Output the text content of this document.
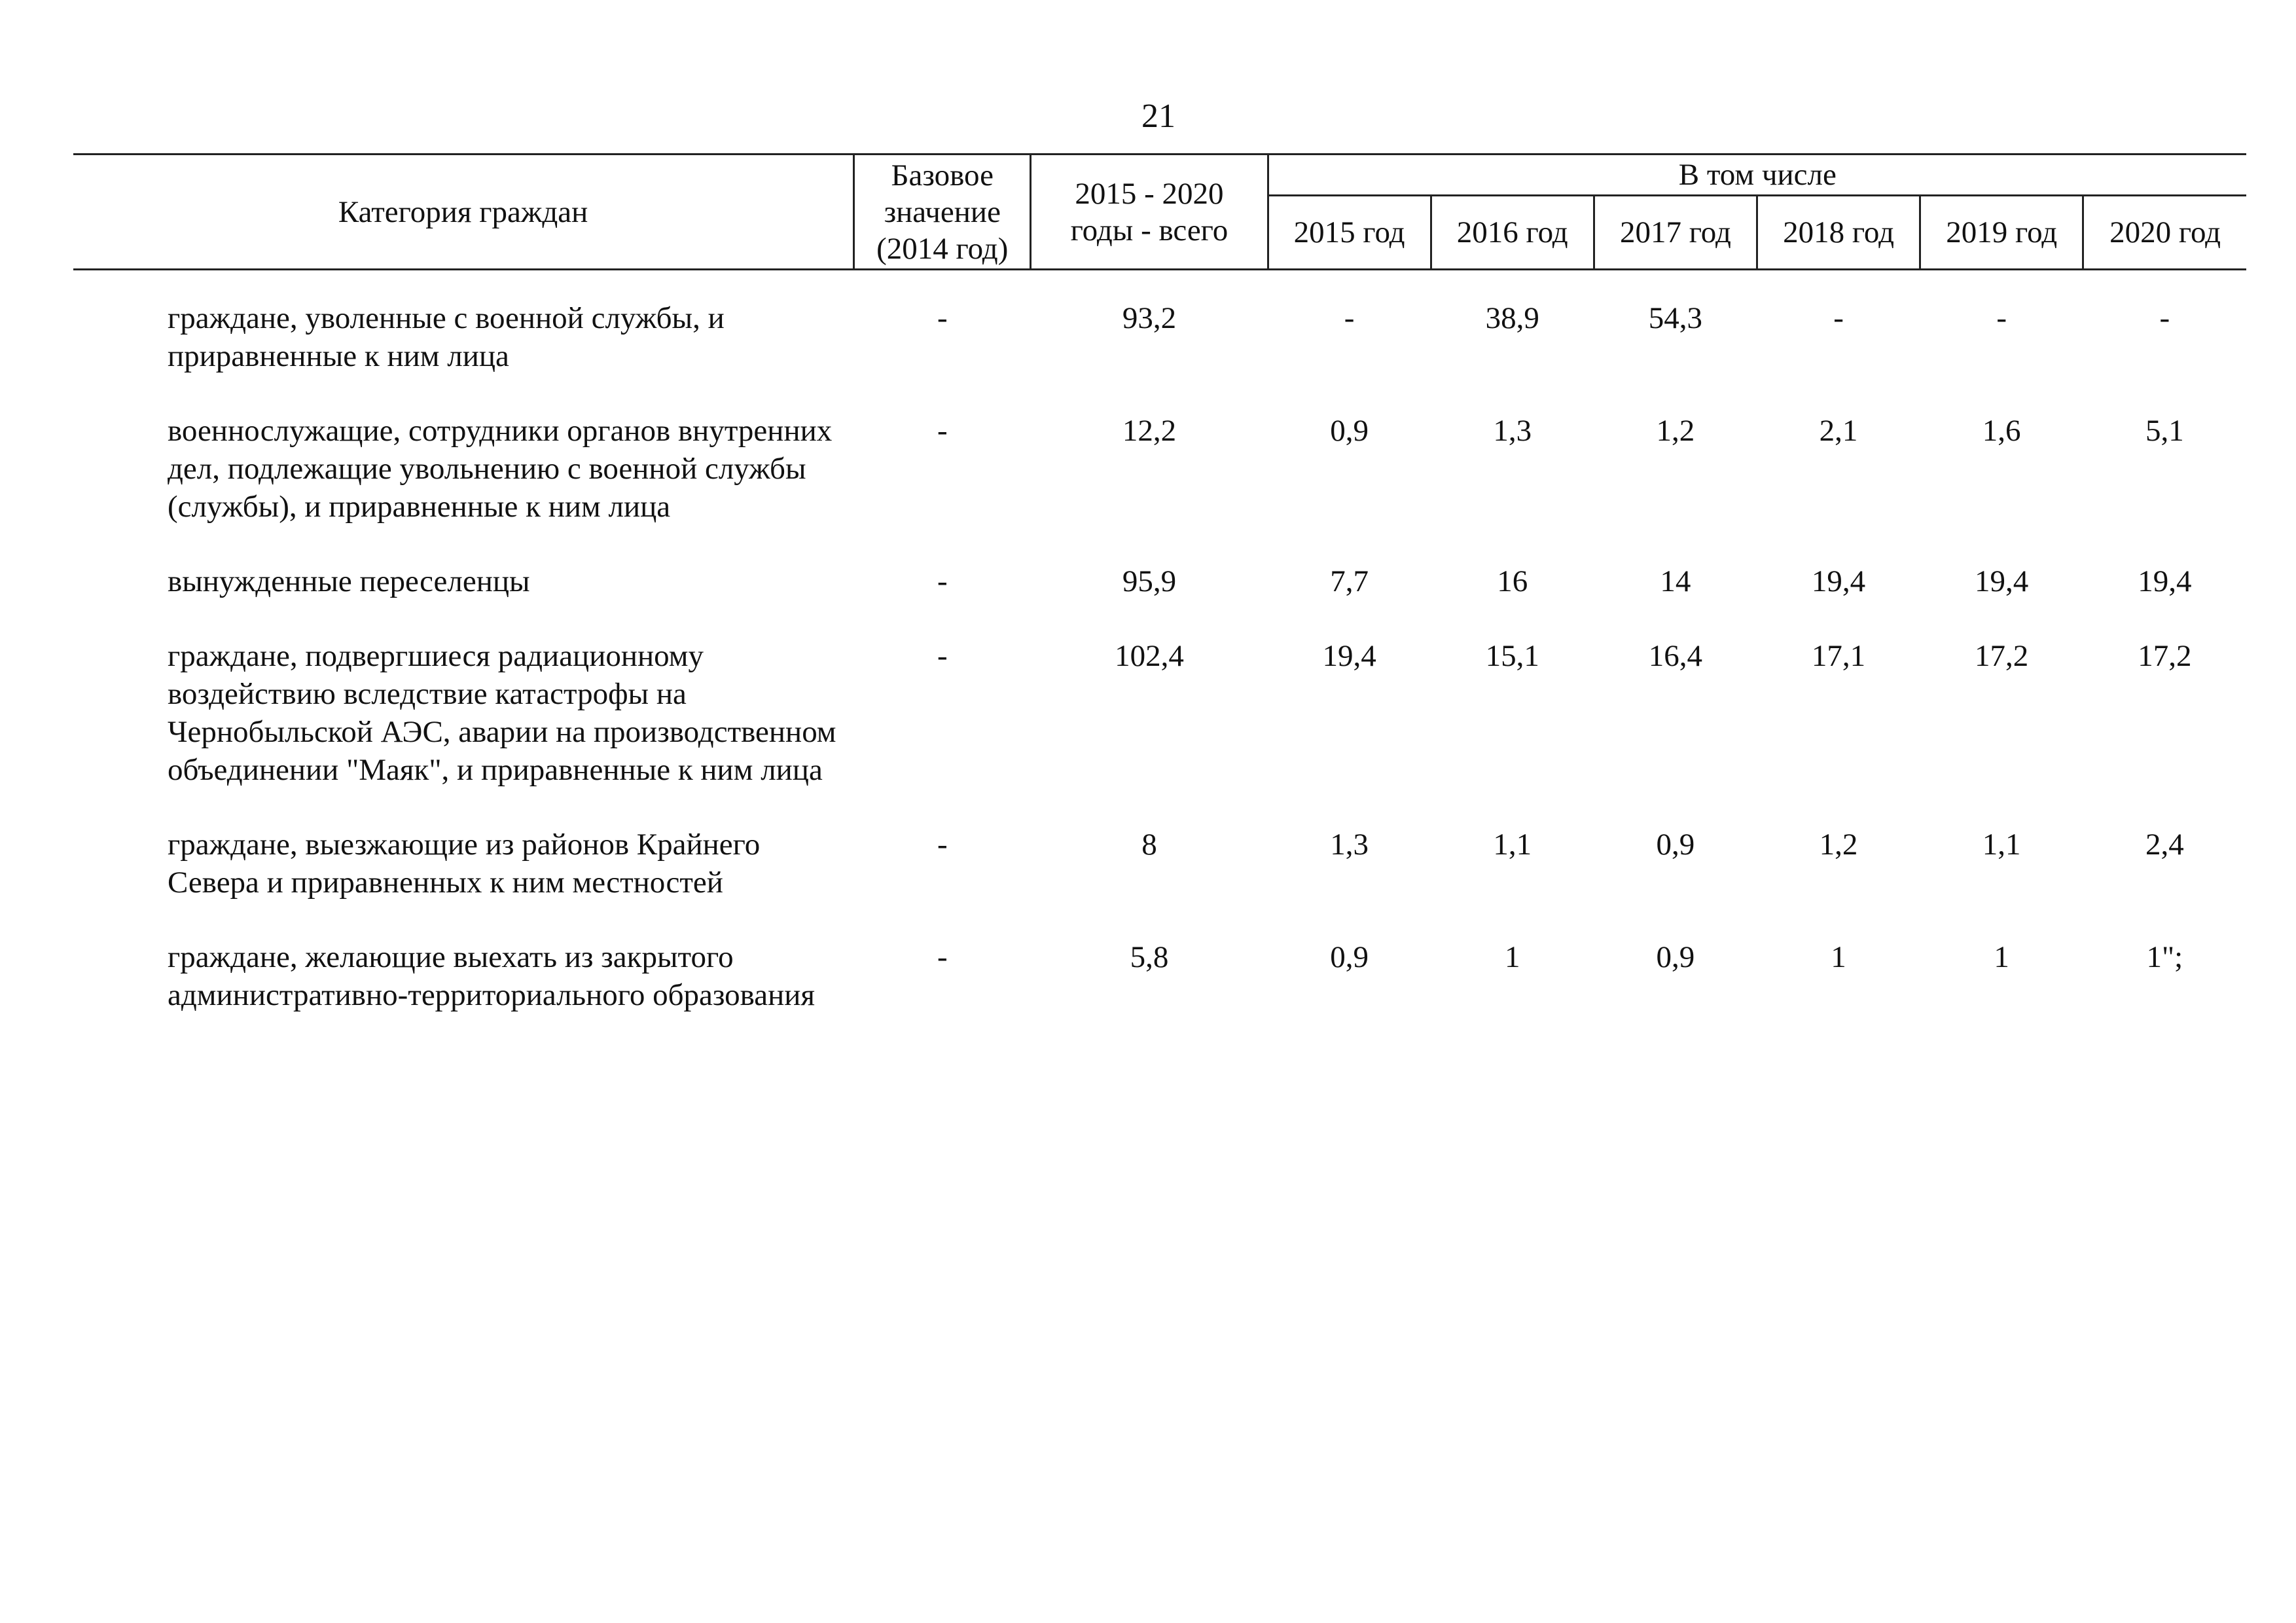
21
Категория граждан	Базовое значение (2014 год)	2015 - 2020 годы - всего	В том числе					
			2015 год	2016 год	2017 год	2018 год	2019 год	2020 год

граждане, уволенные с военной службы, и приравненные к ним лица	-	93,2	-	38,9	54,3	-	-	-
военнослужащие, сотрудники органов внутренних дел, подлежащие увольнению с военной службы (службы), и приравненные к ним лица	-	12,2	0,9	1,3	1,2	2,1	1,6	5,1
вынужденные переселенцы	-	95,9	7,7	16	14	19,4	19,4	19,4
граждане, подвергшиеся радиационному воздействию вследствие катастрофы на Чернобыльской АЭС, аварии на производственном объединении "Маяк", и приравненные к ним лица	-	102,4	19,4	15,1	16,4	17,1	17,2	17,2
граждане, выезжающие из районов Крайнего Севера и приравненных к ним местностей	-	8	1,3	1,1	0,9	1,2	1,1	2,4
граждане, желающие выехать из закрытого административно-территориального образования	-	5,8	0,9	1	0,9	1	1	1";
